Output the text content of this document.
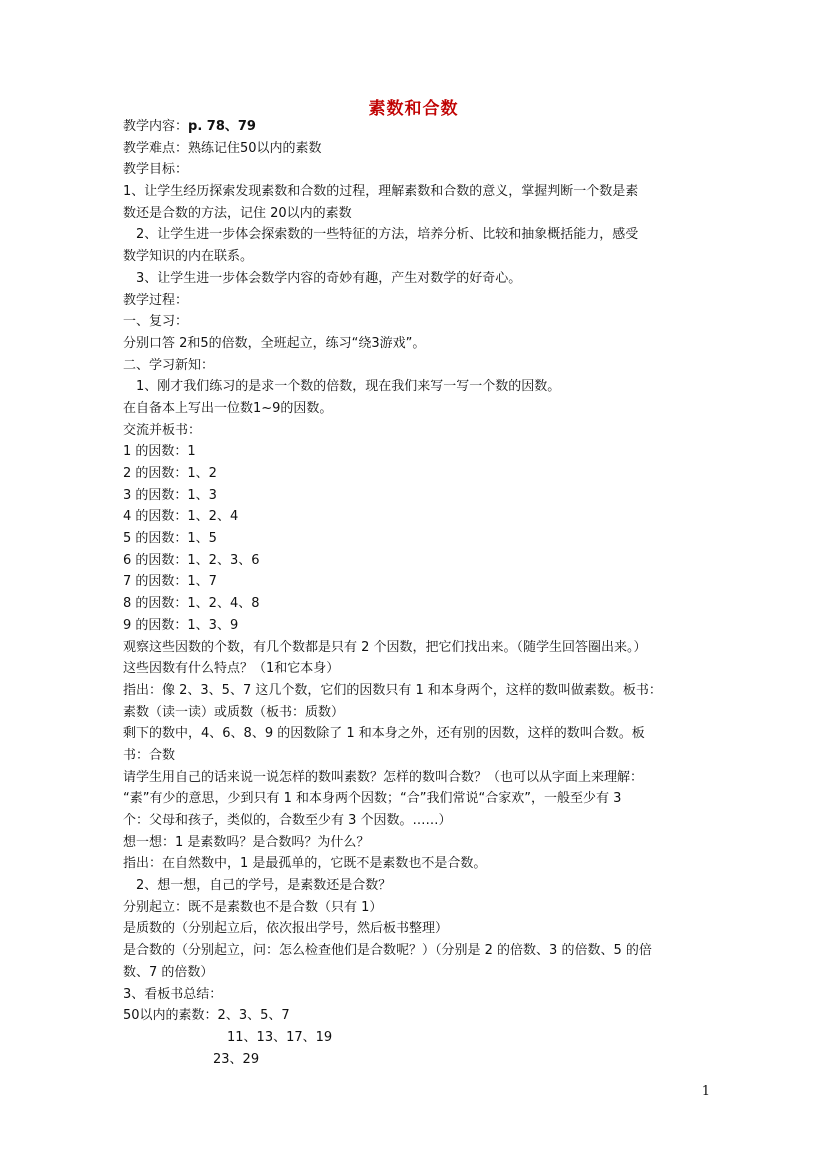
素数和合数
教学内容：p. 78、79
教学难点：熟练记住50以内的素数
教学目标：
1、让学生经历探索发现素数和合数的过程，理解素数和合数的意义，掌握判断一个数是素
数还是合数的方法，记住 20以内的素数
2、让学生进一步体会探索数的一些特征的方法，培养分析、比较和抽象概括能力，感受
数学知识的内在联系。
3、让学生进一步体会数学内容的奇妙有趣，产生对数学的好奇心。
教学过程：
一、复习：
分别口答 2和5的倍数，全班起立，练习“绕3游戏”。
二、学习新知：
1、刚才我们练习的是求一个数的倍数，现在我们来写一写一个数的因数。
在自备本上写出一位数1~9的因数。
交流并板书：
1 的因数：1
2 的因数：1、2
3 的因数：1、3
4 的因数：1、2、4
5 的因数：1、5
6 的因数：1、2、3、6
7 的因数：1、7
8 的因数：1、2、4、8
9 的因数：1、3、9
观察这些因数的个数，有几个数都是只有 2 个因数，把它们找出来。（随学生回答圈出来。）
这些因数有什么特点？（1和它本身）
指出：像 2、3、5、7 这几个数，它们的因数只有 1 和本身两个，这样的数叫做素数。板书：
素数（读一读）或质数（板书：质数）
剩下的数中，4、6、8、9 的因数除了 1 和本身之外，还有别的因数，这样的数叫合数。板
书：合数
请学生用自己的话来说一说怎样的数叫素数？怎样的数叫合数？（也可以从字面上来理解：
“素”有少的意思，少到只有 1 和本身两个因数；“合”我们常说“合家欢”，一般至少有 3
个：父母和孩子，类似的，合数至少有 3 个因数。……）
想一想：1 是素数吗？是合数吗？为什么？
指出：在自然数中，1 是最孤单的，它既不是素数也不是合数。
2、想一想，自己的学号，是素数还是合数？
分别起立：既不是素数也不是合数（只有 1）
是质数的（分别起立后，依次报出学号，然后板书整理）
是合数的（分别起立，问：怎么检查他们是合数呢？）（分别是 2 的倍数、3 的倍数、5 的倍
数、7 的倍数）
3、看板书总结：
50以内的素数：2、3、5、7
11、13、17、19
23、29
1
